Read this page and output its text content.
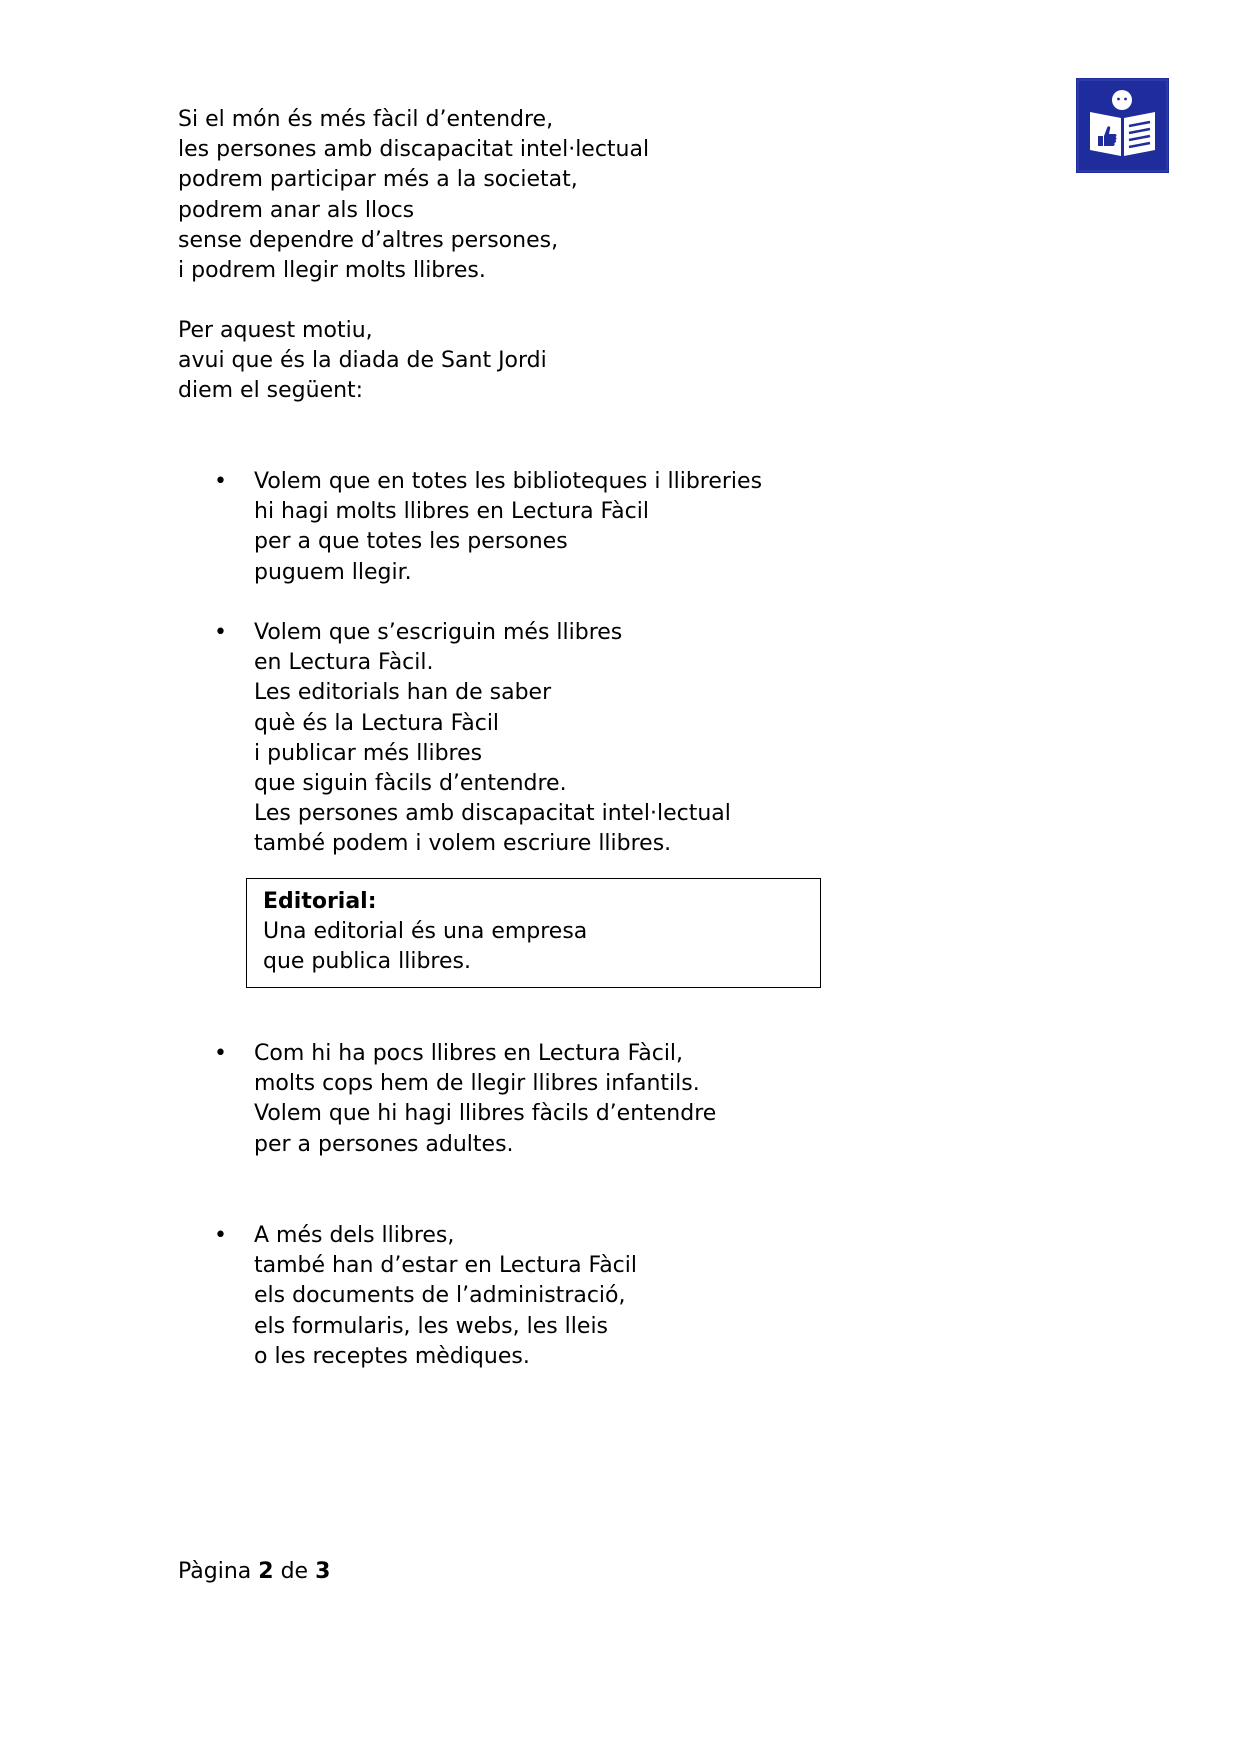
Si el món és més fàcil d’entendre,
les persones amb discapacitat intel·lectual
podrem participar més a la societat,
podrem anar als llocs
sense dependre d’altres persones,
i podrem llegir molts llibres.
Per aquest motiu,
avui que és la diada de Sant Jordi
diem el següent:
•	Volem que en totes les biblioteques i llibreries
hi hagi molts llibres en Lectura Fàcil
per a que totes les persones
puguem llegir.
•	Volem que s’escriguin més llibres
en Lectura Fàcil.
Les editorials han de saber
què és la Lectura Fàcil
i publicar més llibres
que siguin fàcils d’entendre.
Les persones amb discapacitat intel·lectual
també podem i volem escriure llibres.
Editorial:
Una editorial és una empresa
que publica llibres.
•	Com hi ha pocs llibres en Lectura Fàcil,
molts cops hem de llegir llibres infantils.
Volem que hi hagi llibres fàcils d’entendre
per a persones adultes.
•	A més dels llibres,
també han d’estar en Lectura Fàcil
els documents de l’administració,
els formularis, les webs, les lleis
o les receptes mèdiques.
Pàgina 2 de 3
